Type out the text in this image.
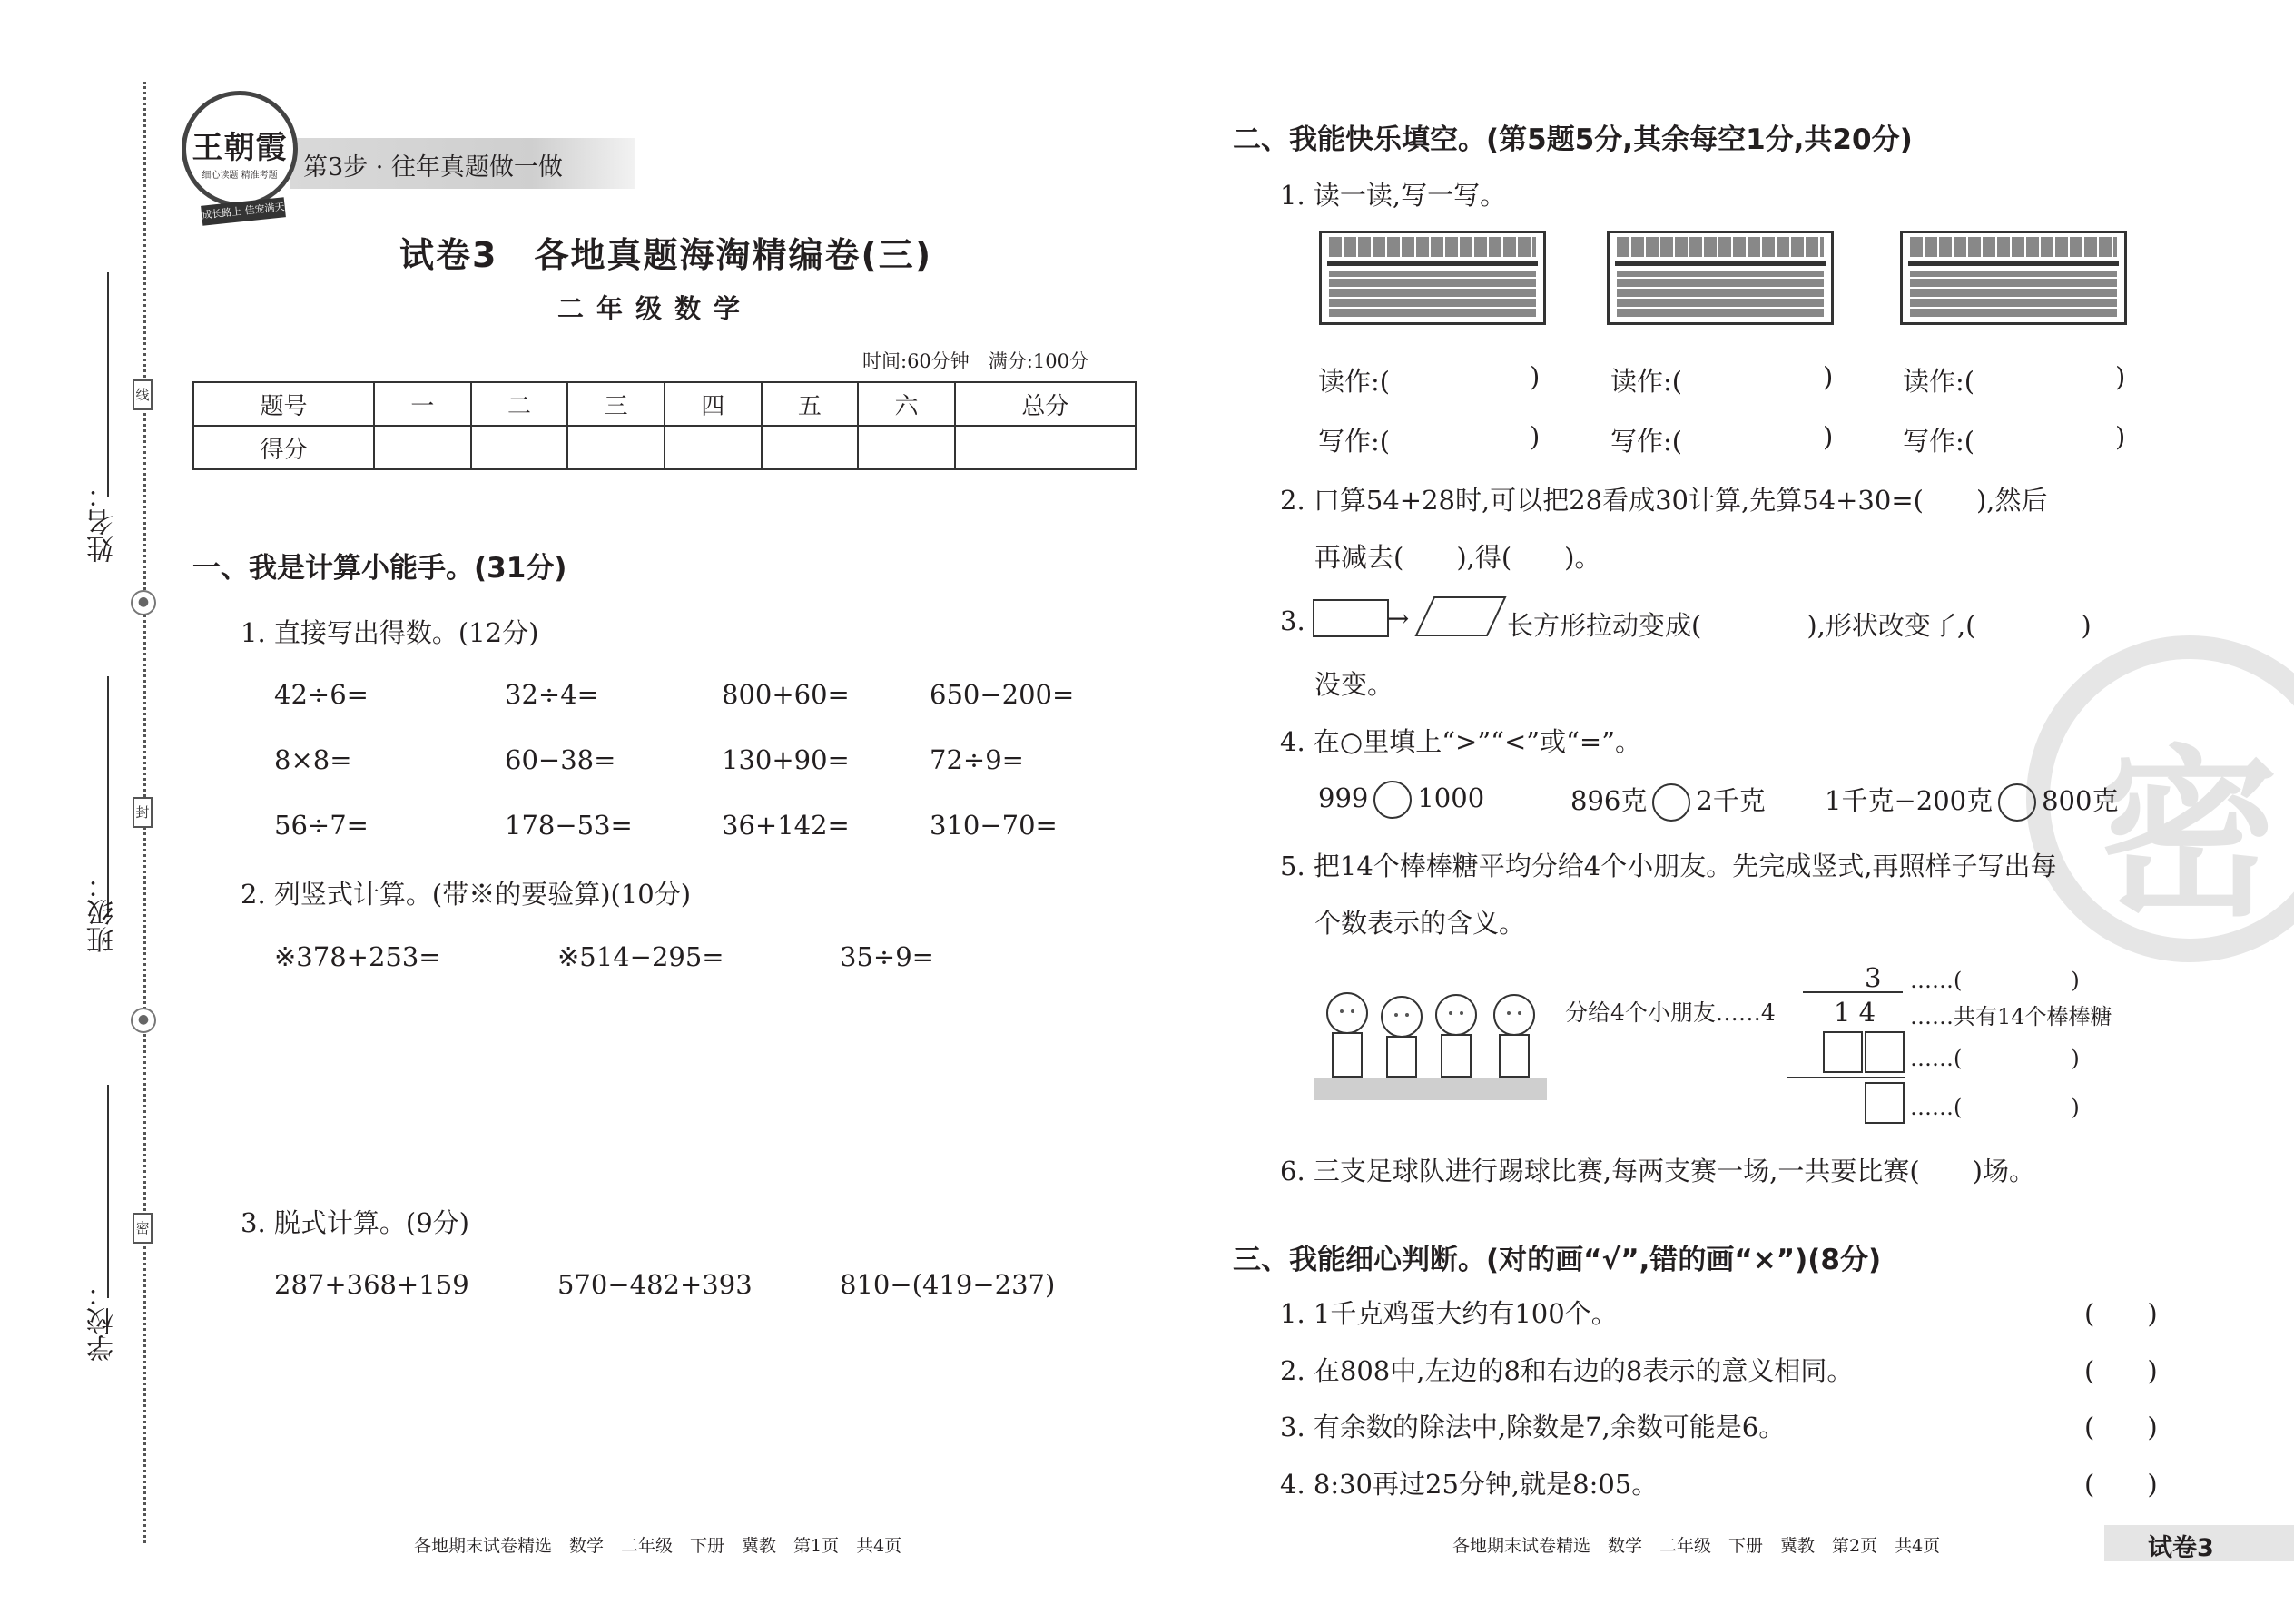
线
封
密
●
●
姓名：
班级：
学校：
第3步 · 往年真题做一做
王朝霞
细心读题 精准考题
成长路上 佳宠满天
试卷3　各地真题海淘精编卷(三)
二年级数学
时间:60分钟　满分:100分
题号	一	二	三	四	五	六	总分
得分							
一、我是计算小能手。(31分)
1. 直接写出得数。(12分)
42÷6=	32÷4=	800+60=	650−200=
8×8=	60−38=	130+90=	72÷9=
56÷7=	178−53=	36+142=	310−70=
2. 列竖式计算。(带※的要验算)(10分)
※378+253=	※514−295=	35÷9=
3. 脱式计算。(9分)
287+368+159	570−482+393	810−(419−237)
密
二、我能快乐填空。(第5题5分,其余每空1分,共20分)
1. 读一读,写一写。
读作:(	)	读作:(	)	读作:(	)
写作:(	)	写作:(	)	写作:(	)
2. 口算54+28时,可以把28看成30计算,先算54+30=(　　),然后
再减去(　　),得(　　)。
3.	→	长方形拉动变成(　　　　),形状改变了,(　　　　)
没变。
4. 在○里填上“>”“<”或“=”。
999 1000	896克 2千克 1千克−200克 800克
5. 把14个棒棒糖平均分给4个小朋友。先完成竖式,再照样子写出每
个数表示的含义。
3 ……(　　　　　)
分给4个小朋友……4 1 4 ……共有14个棒棒糖
……(　　　　　)
……(　　　　　)
6. 三支足球队进行踢球比赛,每两支赛一场,一共要比赛(　　)场。
三、我能细心判断。(对的画“√”,错的画“×”)(8分)
1. 1千克鸡蛋大约有100个。	(　　)
2. 在808中,左边的8和右边的8表示的意义相同。	(　　)
3. 有余数的除法中,除数是7,余数可能是6。	(　　)
4. 8:30再过25分钟,就是8:05。	(　　)
各地期末试卷精选　数学　二年级　下册　冀教　第1页　共4页	各地期末试卷精选　数学　二年级　下册　冀教　第2页　共4页	试卷3
